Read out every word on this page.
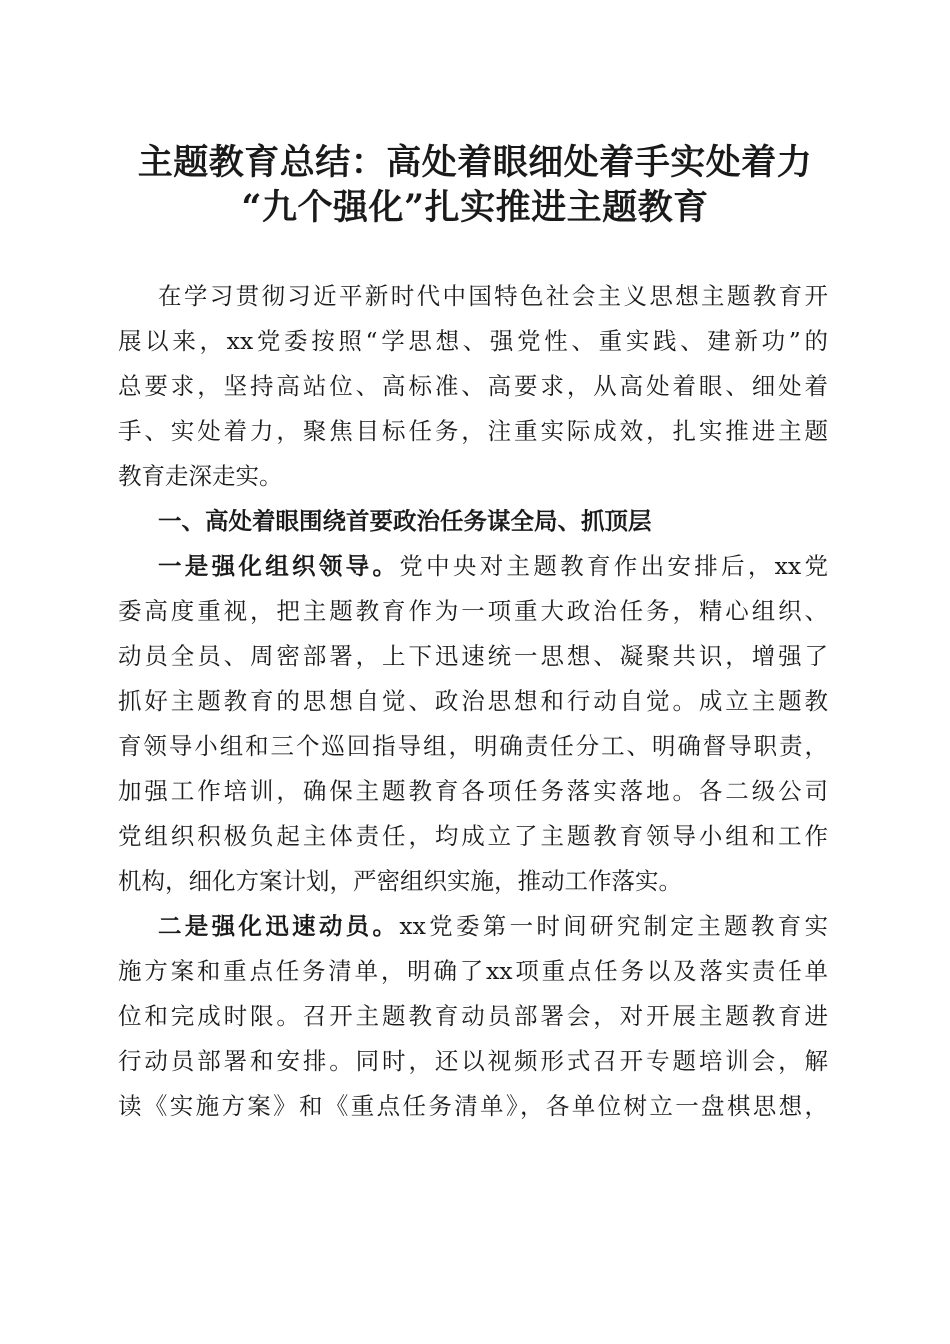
主题教育总结：高处着眼细处着手实处着力
“九个强化”扎实推进主题教育
在学习贯彻习近平新时代中国特色社会主义思想主题教育开
展以来，xx党委按照“学思想、强党性、重实践、建新功”的
总要求，坚持高站位、高标准、高要求，从高处着眼、细处着
手、实处着力，聚焦目标任务，注重实际成效，扎实推进主题
教育走深走实。
一、高处着眼围绕首要政治任务谋全局、抓顶层
一是强化组织领导。党中央对主题教育作出安排后，xx党
委高度重视，把主题教育作为一项重大政治任务，精心组织、
动员全员、周密部署，上下迅速统一思想、凝聚共识，增强了
抓好主题教育的思想自觉、政治思想和行动自觉。成立主题教
育领导小组和三个巡回指导组，明确责任分工、明确督导职责，
加强工作培训，确保主题教育各项任务落实落地。各二级公司
党组织积极负起主体责任，均成立了主题教育领导小组和工作
机构，细化方案计划，严密组织实施，推动工作落实。
二是强化迅速动员。xx党委第一时间研究制定主题教育实
施方案和重点任务清单，明确了xx项重点任务以及落实责任单
位和完成时限。召开主题教育动员部署会，对开展主题教育进
行动员部署和安排。同时，还以视频形式召开专题培训会，解
读《实施方案》和《重点任务清单》，各单位树立一盘棋思想，
